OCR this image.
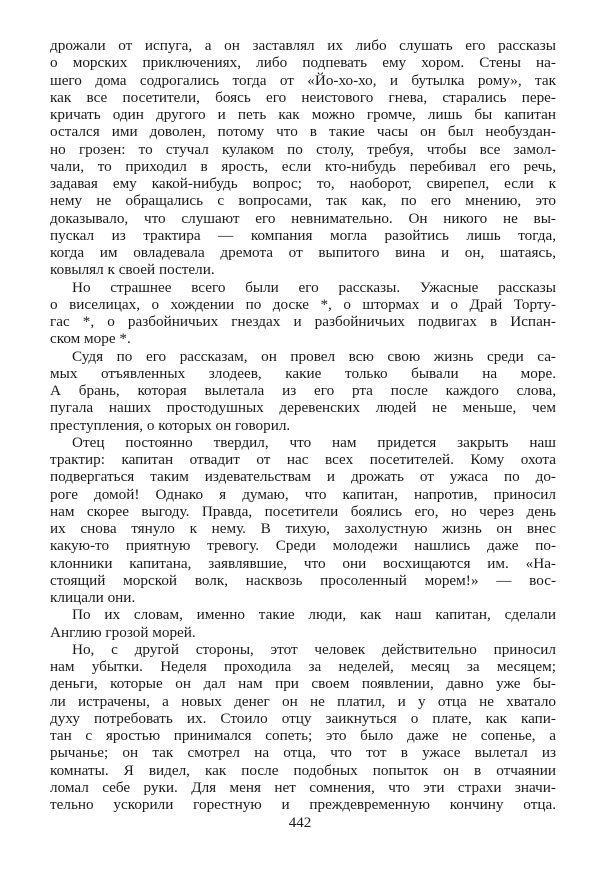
дрожали от испуга, а он заставлял их либо слушать его рассказы
о морских приключениях, либо подпевать ему хором. Стены на-
шего дома содрогались тогда от «Йо-хо-хо, и бутылка рому», так
как все посетители, боясь его неистового гнева, старались пере-
кричать один другого и петь как можно громче, лишь бы капитан
остался ими доволен, потому что в такие часы он был необуздан-
но грозен: то стучал кулаком по столу, требуя, чтобы все замол-
чали, то приходил в ярость, если кто-нибудь перебивал его речь,
задавая ему какой-нибудь вопрос; то, наоборот, свирепел, если к
нему не обращались с вопросами, так как, по его мнению, это
доказывало, что слушают его невнимательно. Он никого не вы-
пускал из трактира — компания могла разойтись лишь тогда,
когда им овладевала дремота от выпитого вина и он, шатаясь,
ковылял к своей постели.
Но страшнее всего были его рассказы. Ужасные рассказы
о виселицах, о хождении по доске *, о штормах и о Драй Торту-
гас *, о разбойничьих гнездах и разбойничьих подвигах в Испан-
ском море *.
Судя по его рассказам, он провел всю свою жизнь среди са-
мых отъявленных злодеев, какие только бывали на море.
А брань, которая вылетала из его рта после каждого слова,
пугала наших простодушных деревенских людей не меньше, чем
преступления, о которых он говорил.
Отец постоянно твердил, что нам придется закрыть наш
трактир: капитан отвадит от нас всех посетителей. Кому охота
подвергаться таким издевательствам и дрожать от ужаса по до-
роге домой! Однако я думаю, что капитан, напротив, приносил
нам скорее выгоду. Правда, посетители боялись его, но через день
их снова тянуло к нему. В тихую, захолустную жизнь он внес
какую-то приятную тревогу. Среди молодежи нашлись даже по-
клонники капитана, заявлявшие, что они восхищаются им. «На-
стоящий морской волк, насквозь просоленный морем!» — вос-
клицали они.
По их словам, именно такие люди, как наш капитан, сделали
Англию грозой морей.
Но, с другой стороны, этот человек действительно приносил
нам убытки. Неделя проходила за неделей, месяц за месяцем;
деньги, которые он дал нам при своем появлении, давно уже бы-
ли истрачены, а новых денег он не платил, и у отца не хватало
духу потребовать их. Стоило отцу заикнуться о плате, как капи-
тан с яростью принимался сопеть; это было даже не сопенье, а
рычанье; он так смотрел на отца, что тот в ужасе вылетал из
комнаты. Я видел, как после подобных попыток он в отчаянии
ломал себе руки. Для меня нет сомнения, что эти страхи значи-
тельно ускорили горестную и преждевременную кончину отца.
442
